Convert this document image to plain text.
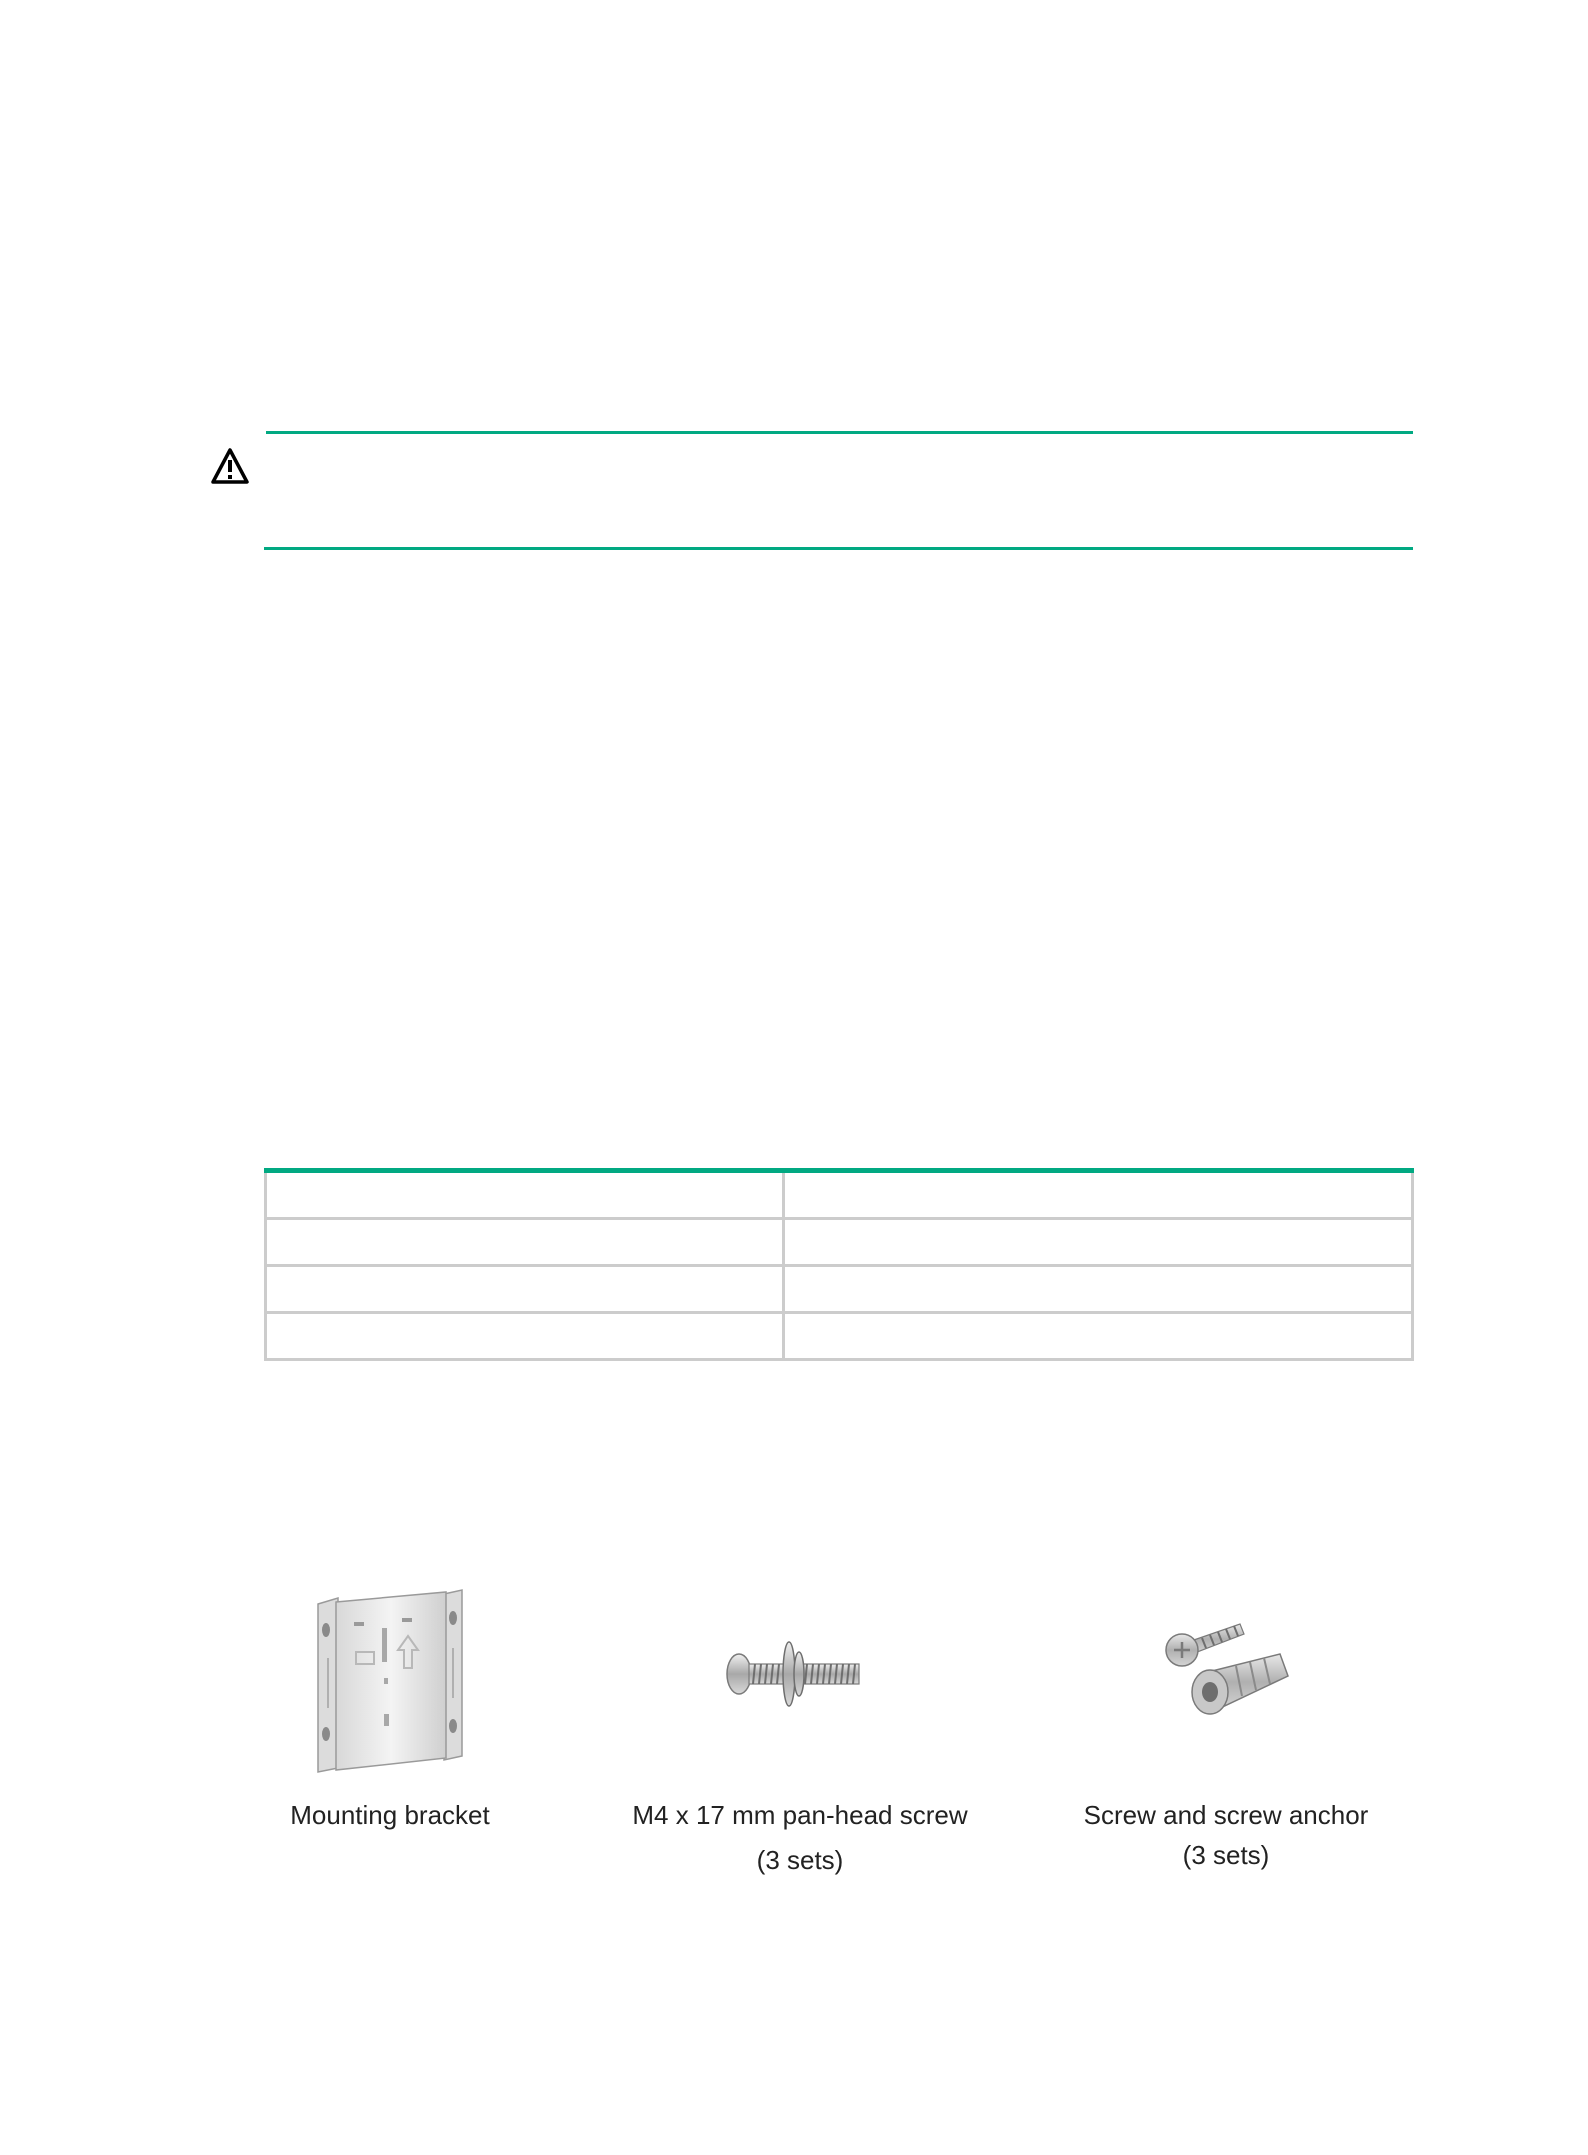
Mounting bracket	M4 x 17 mm pan-head screw
(3 sets)
Screw and screw anchor
(3 sets)
